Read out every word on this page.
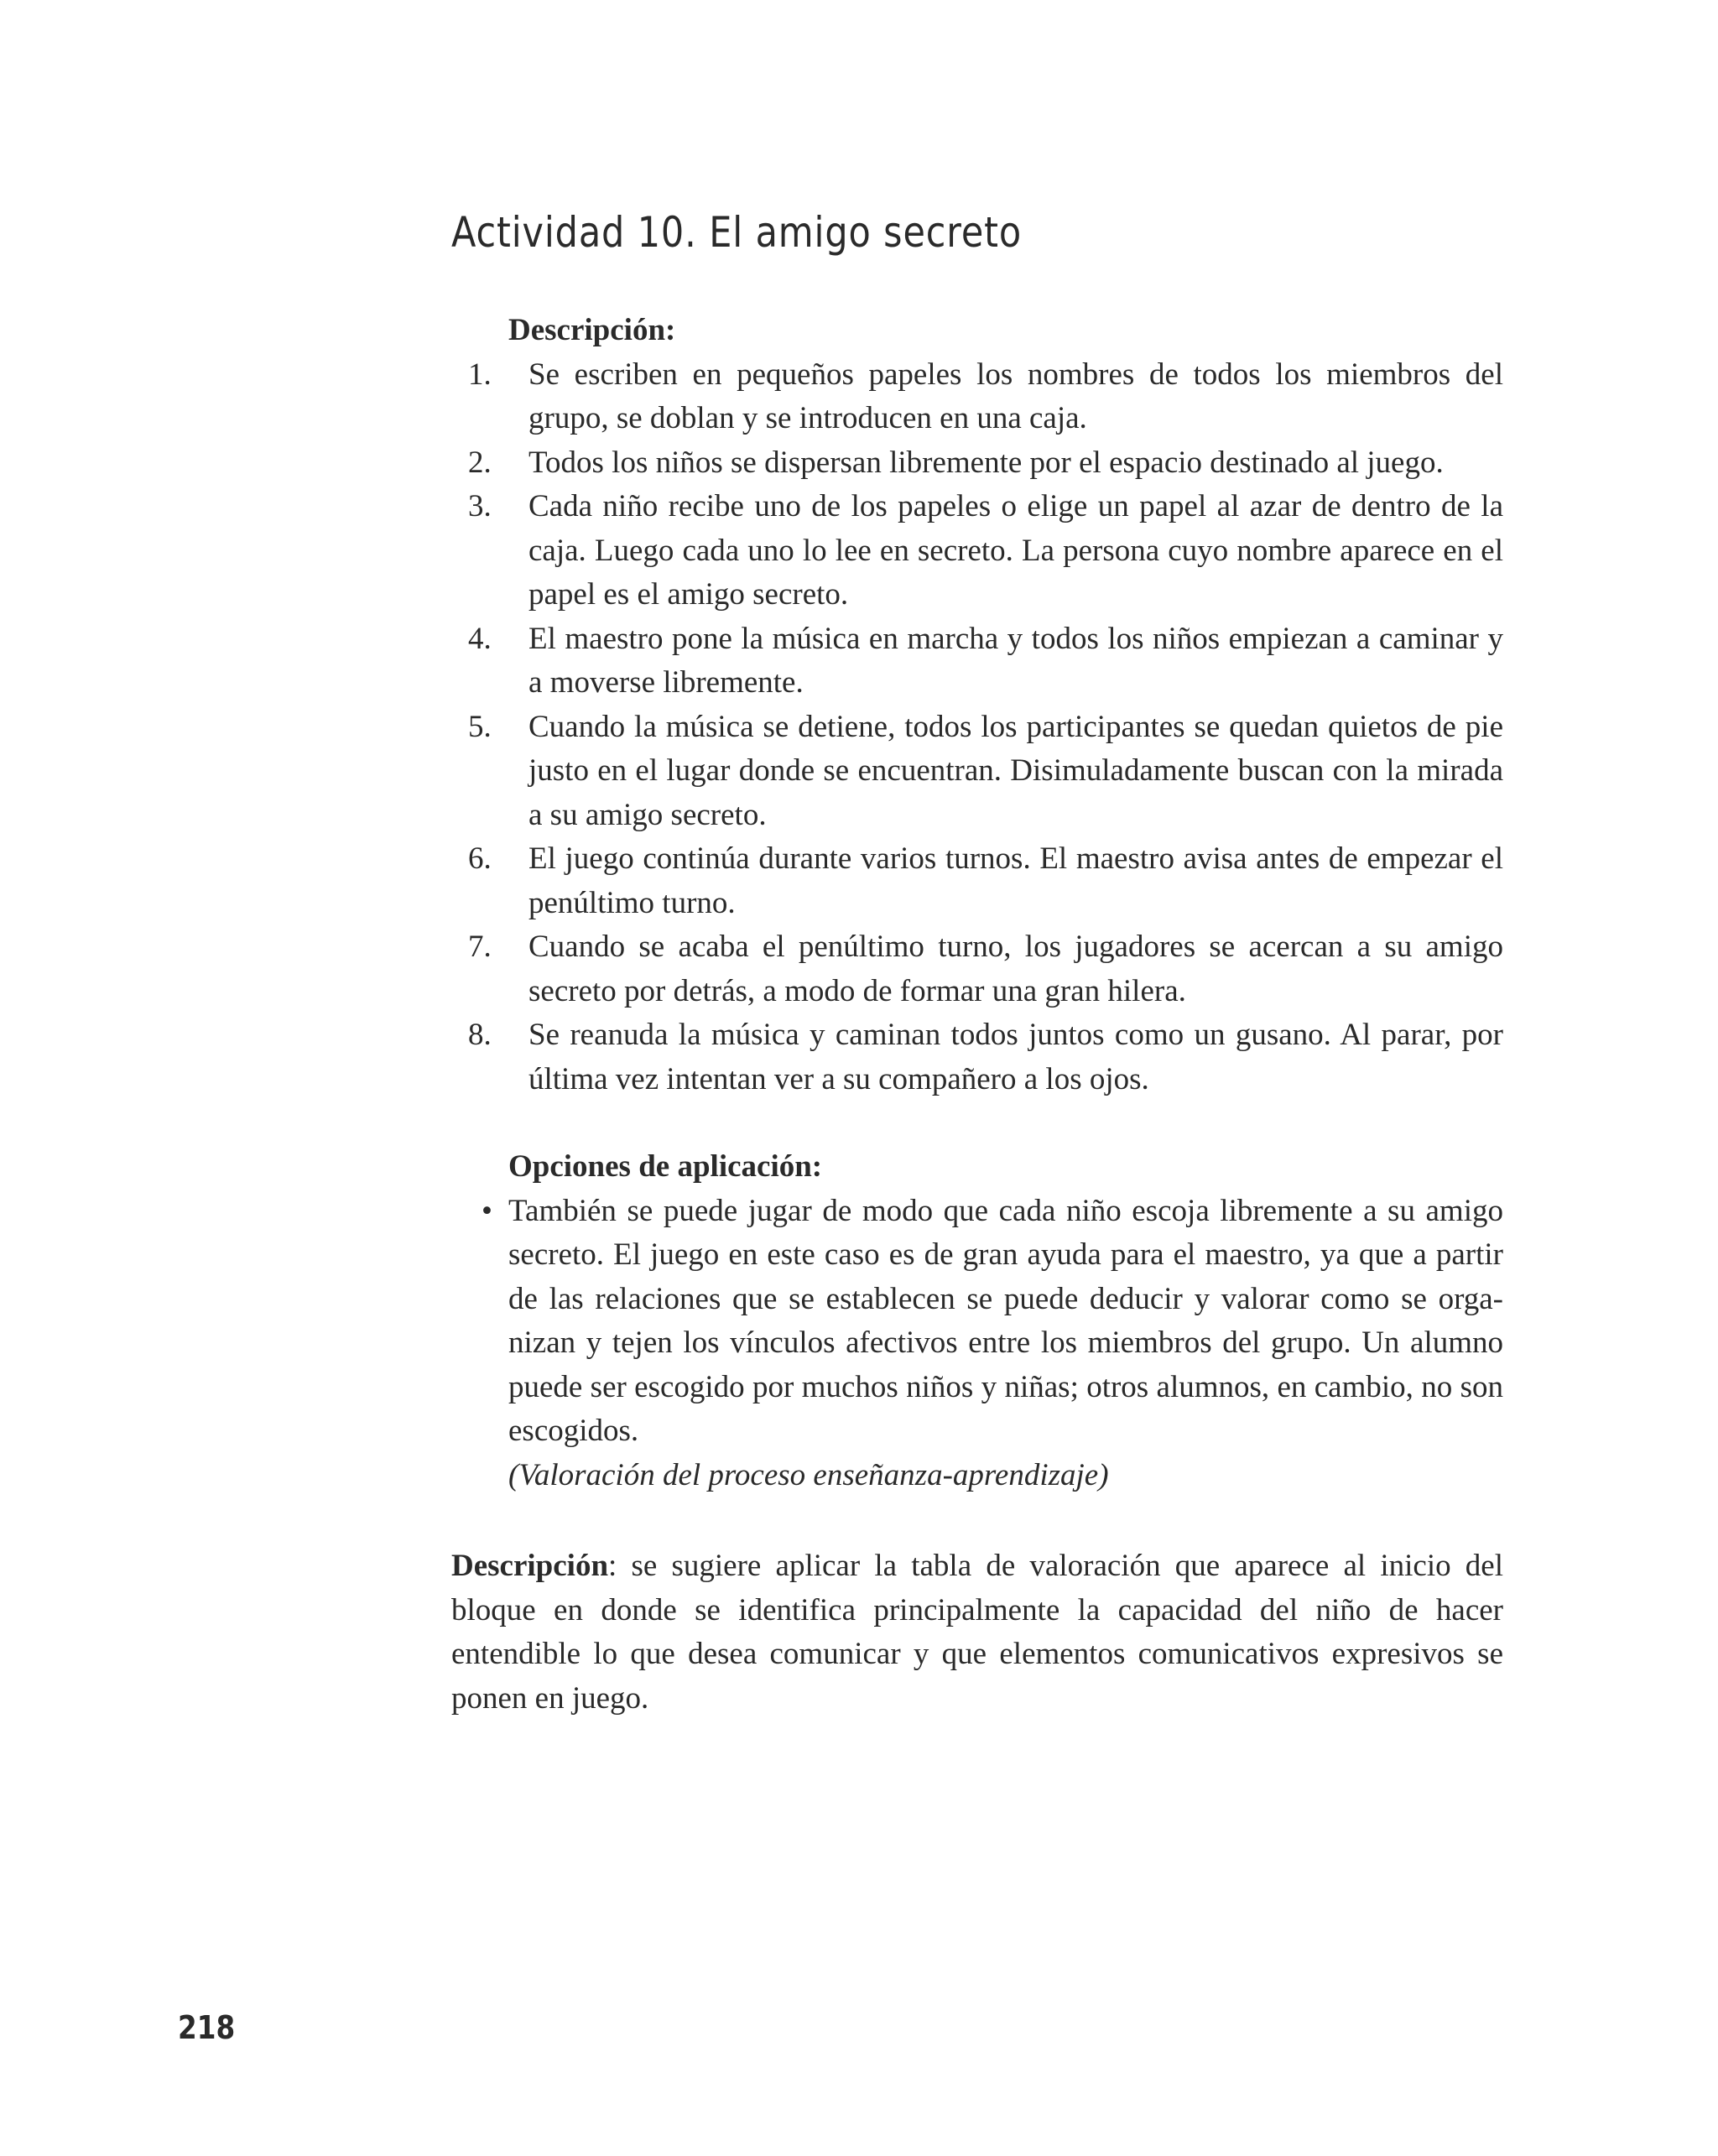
Actividad 10. El amigo secreto

Descripción:

1. Se escriben en pequeños papeles los nombres de todos los miembros del grupo, se doblan y se introducen en una caja.
2. Todos los niños se dispersan libremente por el espacio destinado al juego.
3. Cada niño recibe uno de los papeles o elige un papel al azar de dentro de la caja. Luego cada uno lo lee en secreto. La persona cuyo nombre aparece en el papel es el amigo secreto.
4. El maestro pone la música en marcha y todos los niños empiezan a caminar y a moverse libremente.
5. Cuando la música se detiene, todos los participantes se quedan quietos de pie justo en el lugar donde se encuentran. Disimuladamente buscan con la mirada a su amigo secreto.
6. El juego continúa durante varios turnos. El maestro avisa antes de empezar el penúltimo turno.
7. Cuando se acaba el penúltimo turno, los jugadores se acercan a su amigo secreto por detrás, a modo de formar una gran hilera.
8. Se reanuda la música y caminan todos juntos como un gusano. Al parar, por última vez intentan ver a su compañero a los ojos.

Opciones de aplicación:

• También se puede jugar de modo que cada niño escoja libremente a su amigo secreto. El juego en este caso es de gran ayuda para el maestro, ya que a partir de las relaciones que se establecen se puede deducir y valorar como se organizan y tejen los vínculos afectivos entre los miembros del grupo. Un alumno puede ser escogido por muchos niños y niñas; otros alumnos, en cambio, no son escogidos.

(Valoración del proceso enseñanza-aprendizaje)

Descripción: se sugiere aplicar la tabla de valoración que aparece al inicio del bloque en donde se identifica principalmente la capacidad del niño de hacer entendible lo que desea comunicar y que elementos comunicativos expresivos se ponen en juego.

218
